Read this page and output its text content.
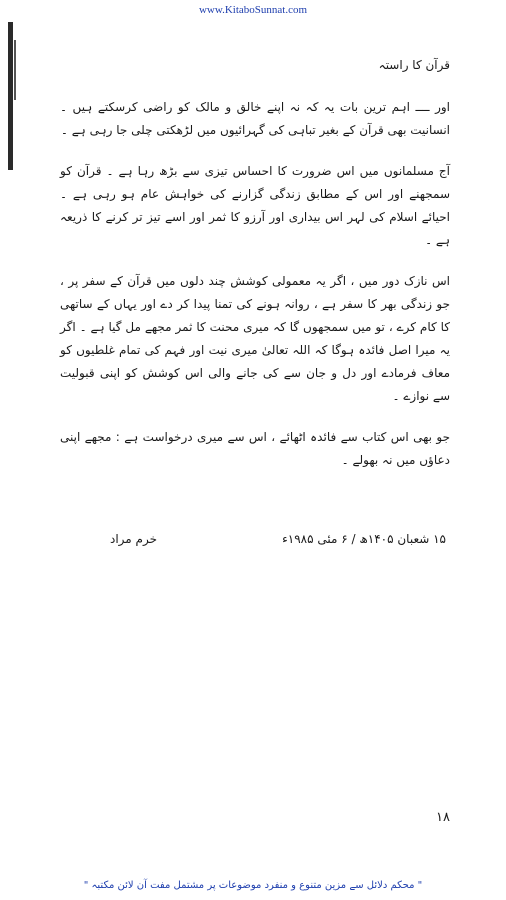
www.KitaboSunnat.com
قرآن کا راستہ

اور ــــ اہم ترین بات یہ کہ نہ اپنے خالق و مالک کو راضی کرسکتے ہیں ۔ انسانیت بھی قرآن کے بغیر تباہی کی گہرائیوں میں لڑھکتی چلی جا رہی ہے ۔

آج مسلمانوں میں اس ضرورت کا احساس تیزی سے بڑھ رہا ہے ۔ قرآن کو سمجھنے اور اس کے مطابق زندگی گزارنے کی خواہش عام ہو رہی ہے ۔ احیائے اسلام کی لہر اس بیداری اور آرزو کا ثمر اور اسے تیز تر کرنے کا ذریعہ ہے ۔

اس نازک دور میں ، اگر یہ معمولی کوشش چند دلوں میں قرآن کے سفر پر ، جو زندگی بھر کا سفر ہے ، روانہ ہونے کی تمنا پیدا کر دے اور یہاں کے ساتھی کا کام کرے ، تو میں سمجھوں گا کہ میری محنت کا ثمر مجھے مل گیا ہے ۔ اگر یہ میرا اصل فائدہ ہوگا کہ اللہ تعالیٰ میری نیت اور فہم کی تمام غلطیوں کو معاف فرمادے اور دل و جان سے کی جانے والی اس کوشش کو اپنی قبولیت سے نوازے ۔

جو بھی اس کتاب سے فائدہ اٹھائے ، اس سے میری درخواست ہے : مجھے اپنی دعاؤں میں نہ بھولے ۔

۱۵ شعبان ۱۴۰۵ھ / ۶ مئی ۱۹۸۵ء
خرم مراد
۱۸
" محکم دلائل سے مزین متنوع و منفرد موضوعات پر مشتمل مفت آن لائن مکتبہ "
